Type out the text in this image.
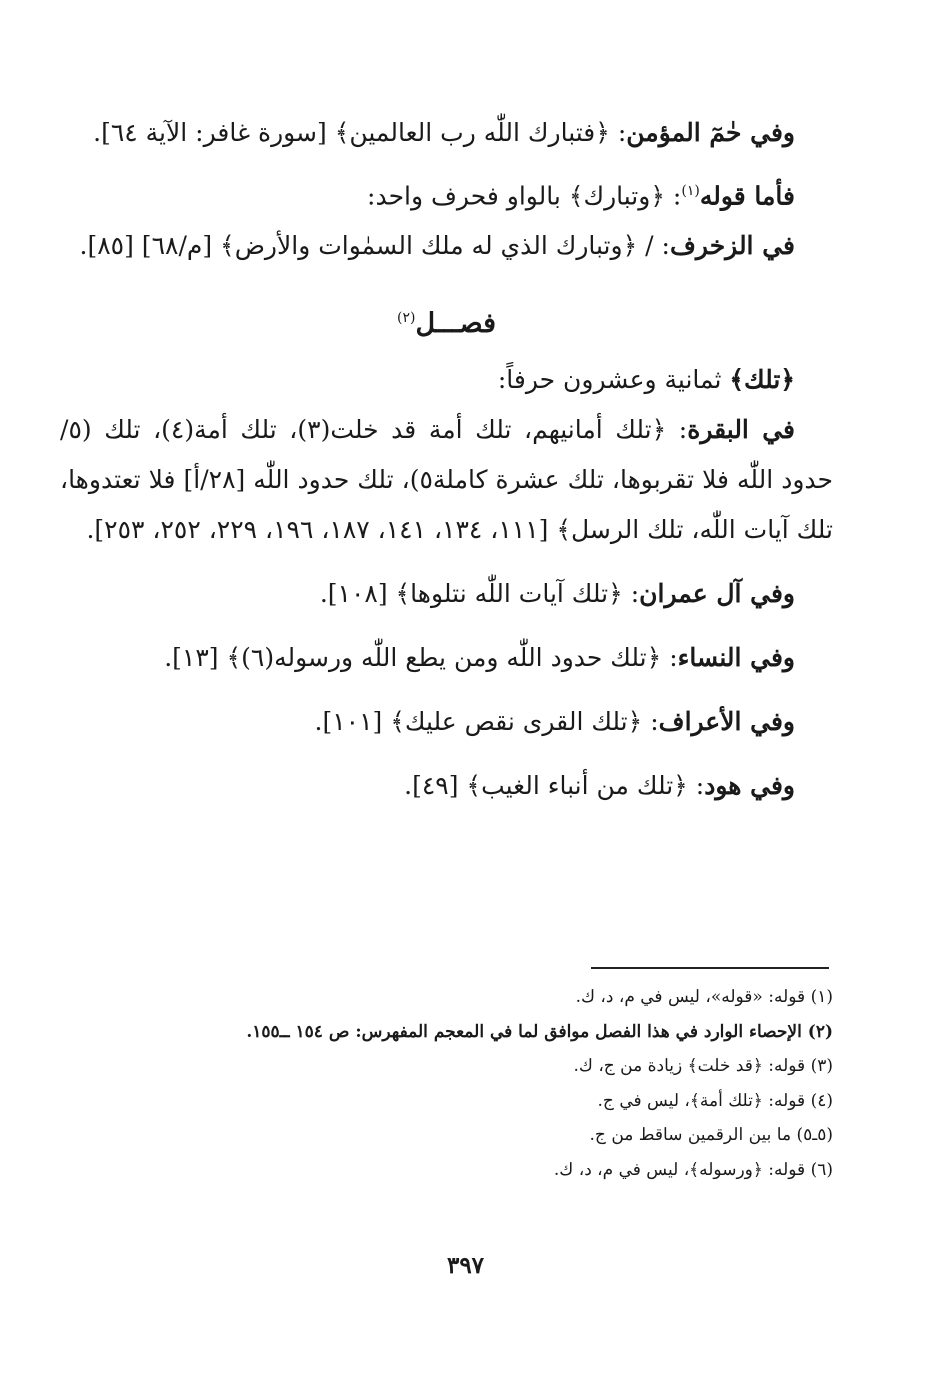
وفي حٰمٓ المؤمن: ﴿فتبارك اللّٰه رب العالمين﴾ [سورة غافر: الآية ٦٤].

فأما قوله$^{(١)}$: ﴿وتبارك﴾ بالواو فحرف واحد:

في الزخرف: / ﴿وتبارك الذي له ملك السمٰوات والأرض﴾ [م/٦٨] [٨٥].

فصـــل$^{(٢)}$

﴿تلك﴾ ثمانية وعشرون حرفاً:

في البقرة: ﴿تلك أمانيهم، تلك أمة قد خلت(٣)، تلك أمة(٤)، تلك (٥/ حدود اللّٰه فلا تقربوها، تلك عشرة كاملة٥)، تلك حدود اللّٰه [٢٨/أ] فلا تعتدوها، تلك آيات اللّٰه، تلك الرسل﴾ [١١١، ١٣٤، ١٤١، ١٨٧، ١٩٦، ٢٢٩، ٢٥٢، ٢٥٣].

وفي آل عمران: ﴿تلك آيات اللّٰه نتلوها﴾ [١٠٨].

وفي النساء: ﴿تلك حدود اللّٰه ومن يطع اللّٰه ورسوله(٦)﴾ [١٣].

وفي الأعراف: ﴿تلك القرى نقص عليك﴾ [١٠١].

وفي هود: ﴿تلك من أنباء الغيب﴾ [٤٩].

(١) قوله: «قوله»، ليس في م، د، ك.

(٢) الإحصاء الوارد في هذا الفصل موافق لما في المعجم المفهرس: ص ١٥٤ ــ١٥٥.

(٣) قوله: ﴿قد خلت﴾ زيادة من ج، ك.

(٤) قوله: ﴿تلك أمة﴾، ليس في ج.

(٥ـ٥) ما بين الرقمين ساقط من ج.

(٦) قوله: ﴿ورسوله﴾، ليس في م، د، ك.

٣٩٧
